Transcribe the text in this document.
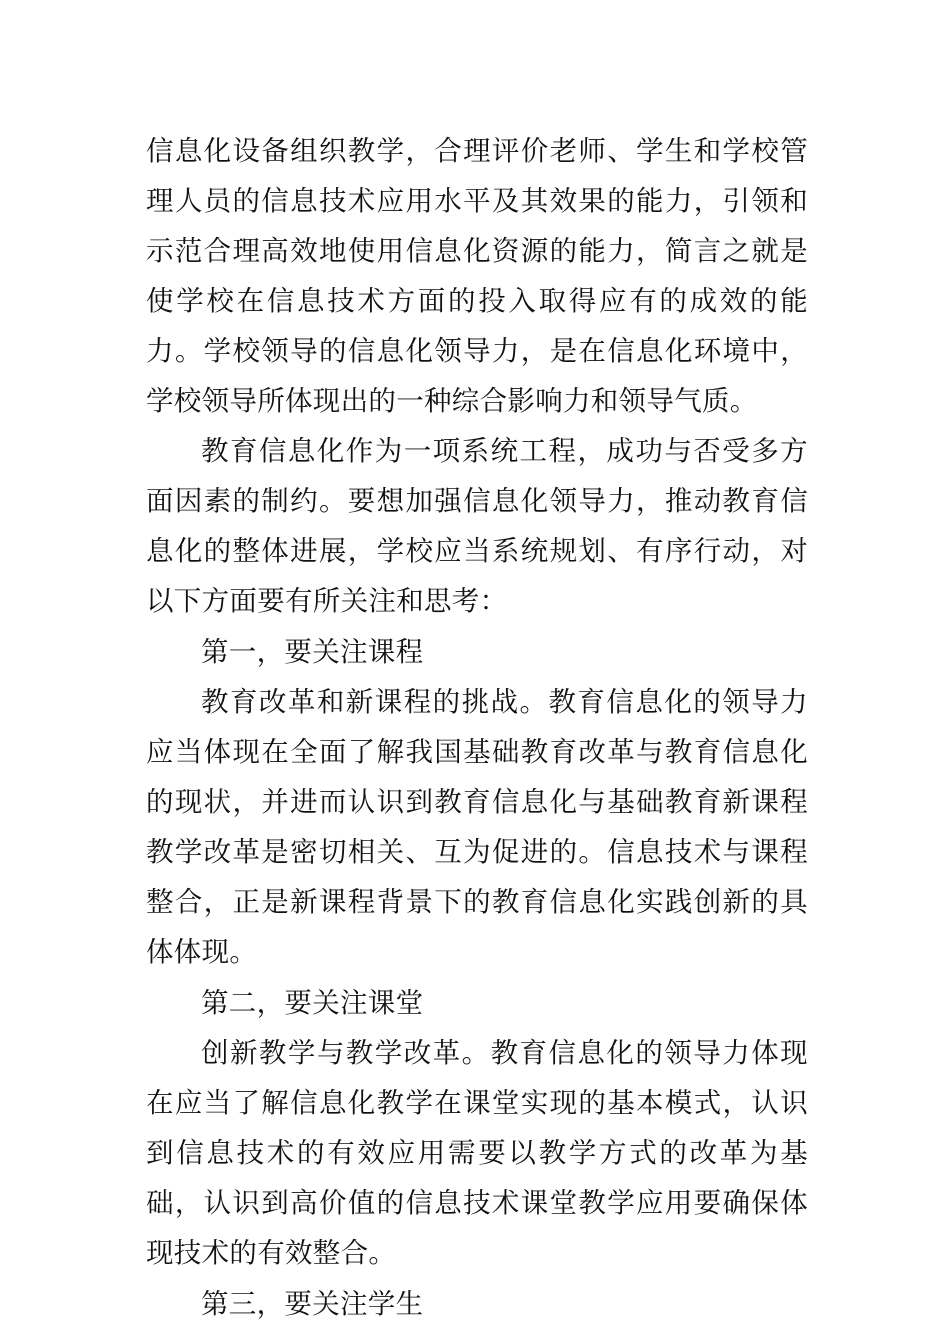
信息化设备组织教学，合理评价老师、学生和学校管理人员的信息技术应用水平及其效果的能力，引领和示范合理高效地使用信息化资源的能力，简言之就是使学校在信息技术方面的投入取得应有的成效的能力。学校领导的信息化领导力，是在信息化环境中，学校领导所体现出的一种综合影响力和领导气质。

教育信息化作为一项系统工程，成功与否受多方面因素的制约。要想加强信息化领导力，推动教育信息化的整体进展，学校应当系统规划、有序行动，对以下方面要有所关注和思考：

第一，要关注课程

教育改革和新课程的挑战。教育信息化的领导力应当体现在全面了解我国基础教育改革与教育信息化的现状，并进而认识到教育信息化与基础教育新课程教学改革是密切相关、互为促进的。信息技术与课程整合，正是新课程背景下的教育信息化实践创新的具体体现。

第二，要关注课堂

创新教学与教学改革。教育信息化的领导力体现在应当了解信息化教学在课堂实现的基本模式，认识到信息技术的有效应用需要以教学方式的改革为基础，认识到高价值的信息技术课堂教学应用要确保体现技术的有效整合。

第三，要关注学生
